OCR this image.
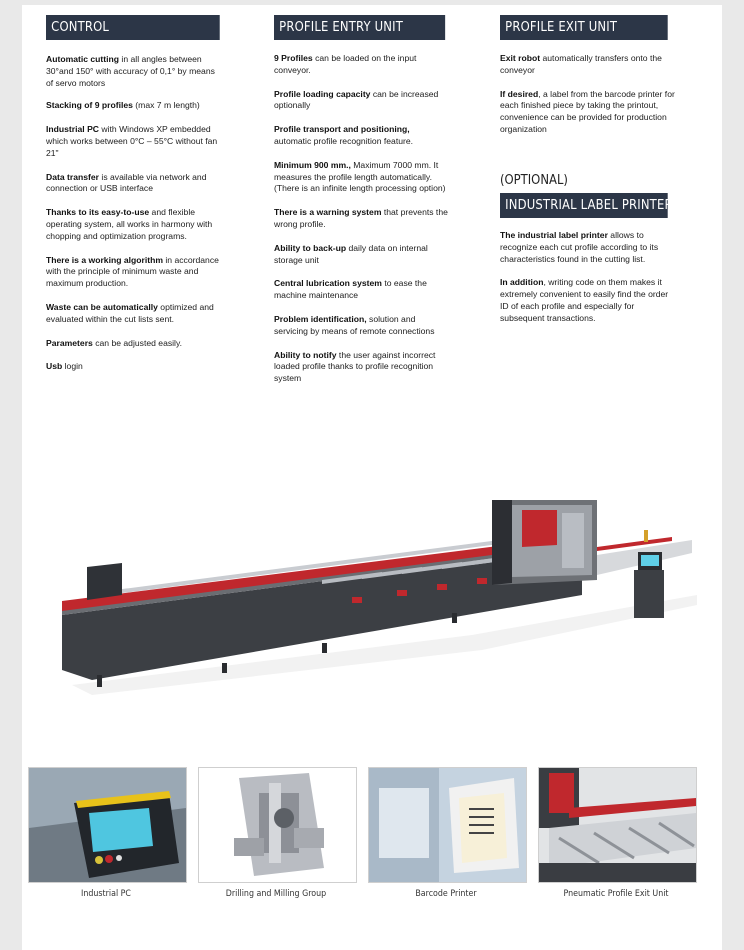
CONTROL

Automatic cutting in all angles between 30°and 150° with accuracy of 0,1° by means of servo motors

Stacking of 9 profiles (max 7 m length)

Industrial PC with Windows XP embedded which works between 0°C – 55°C without fan 21"

Data transfer is available via network and connection or USB interface

Thanks to its easy-to-use and flexible operating system, all works in harmony with chopping and optimization programs.

There is a working algorithm in accordance with the principle of minimum waste and maximum production.

Waste can be automatically optimized and evaluated within the cut lists sent.

Parameters can be adjusted easily.

Usb login

PROFILE ENTRY UNIT

9 Profiles can be loaded on the input conveyor.

Profile loading capacity can be increased optionally

Profile transport and positioning, automatic profile recognition feature.

Minimum 900 mm., Maximum 7000 mm. It measures the profile length automatically. (There is an infinite length processing option)

There is a warning system that prevents the wrong profile.

Ability to back-up daily data on internal storage unit

Central lubrication system to ease the machine maintenance

Problem identification, solution and servicing by means of remote connections

Ability to notify the user against incorrect loaded profile thanks to profile recognition system

PROFILE EXIT UNIT

Exit robot automatically transfers onto the conveyor

If desired, a label from the barcode printer for each finished piece by taking the printout, convenience can be provided for production organization

(OPTIONAL)
INDUSTRIAL LABEL PRINTER

The industrial label printer allows to recognize each cut profile according to its characteristics found in the cutting list.

In addition, writing code on them makes it extremely convenient to easily find the order ID of each profile and especially for subsequent transactions.

Industrial PC	Drilling and Milling Group	Barcode Printer	Pneumatic Profile Exit Unit
